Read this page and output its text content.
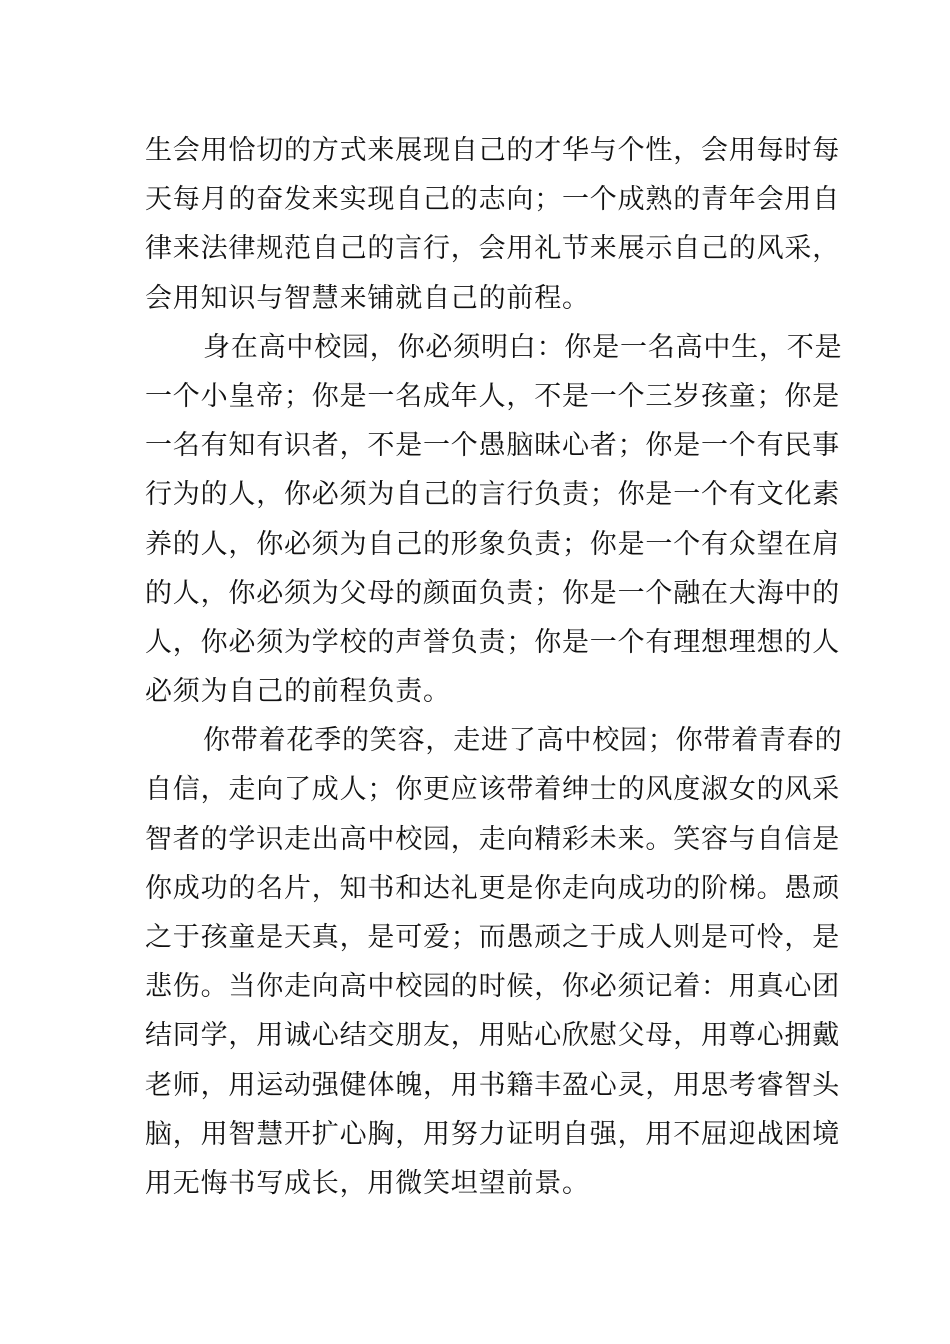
生会用恰切的方式来展现自己的才华与个性，会用每时每
天每月的奋发来实现自己的志向；一个成熟的青年会用自
律来法律规范自己的言行，会用礼节来展示自己的风采，
会用知识与智慧来铺就自己的前程。
身在高中校园，你必须明白：你是一名高中生，不是
一个小皇帝；你是一名成年人，不是一个三岁孩童；你是
一名有知有识者，不是一个愚脑昧心者；你是一个有民事
行为的人，你必须为自己的言行负责；你是一个有文化素
养的人，你必须为自己的形象负责；你是一个有众望在肩
的人，你必须为父母的颜面负责；你是一个融在大海中的
人，你必须为学校的声誉负责；你是一个有理想理想的人
必须为自己的前程负责。
你带着花季的笑容，走进了高中校园；你带着青春的
自信，走向了成人；你更应该带着绅士的风度淑女的风采
智者的学识走出高中校园，走向精彩未来。笑容与自信是
你成功的名片，知书和达礼更是你走向成功的阶梯。愚顽
之于孩童是天真，是可爱；而愚顽之于成人则是可怜，是
悲伤。当你走向高中校园的时候，你必须记着：用真心团
结同学，用诚心结交朋友，用贴心欣慰父母，用尊心拥戴
老师，用运动强健体魄，用书籍丰盈心灵，用思考睿智头
脑，用智慧开扩心胸，用努力证明自强，用不屈迎战困境
用无悔书写成长，用微笑坦望前景。
